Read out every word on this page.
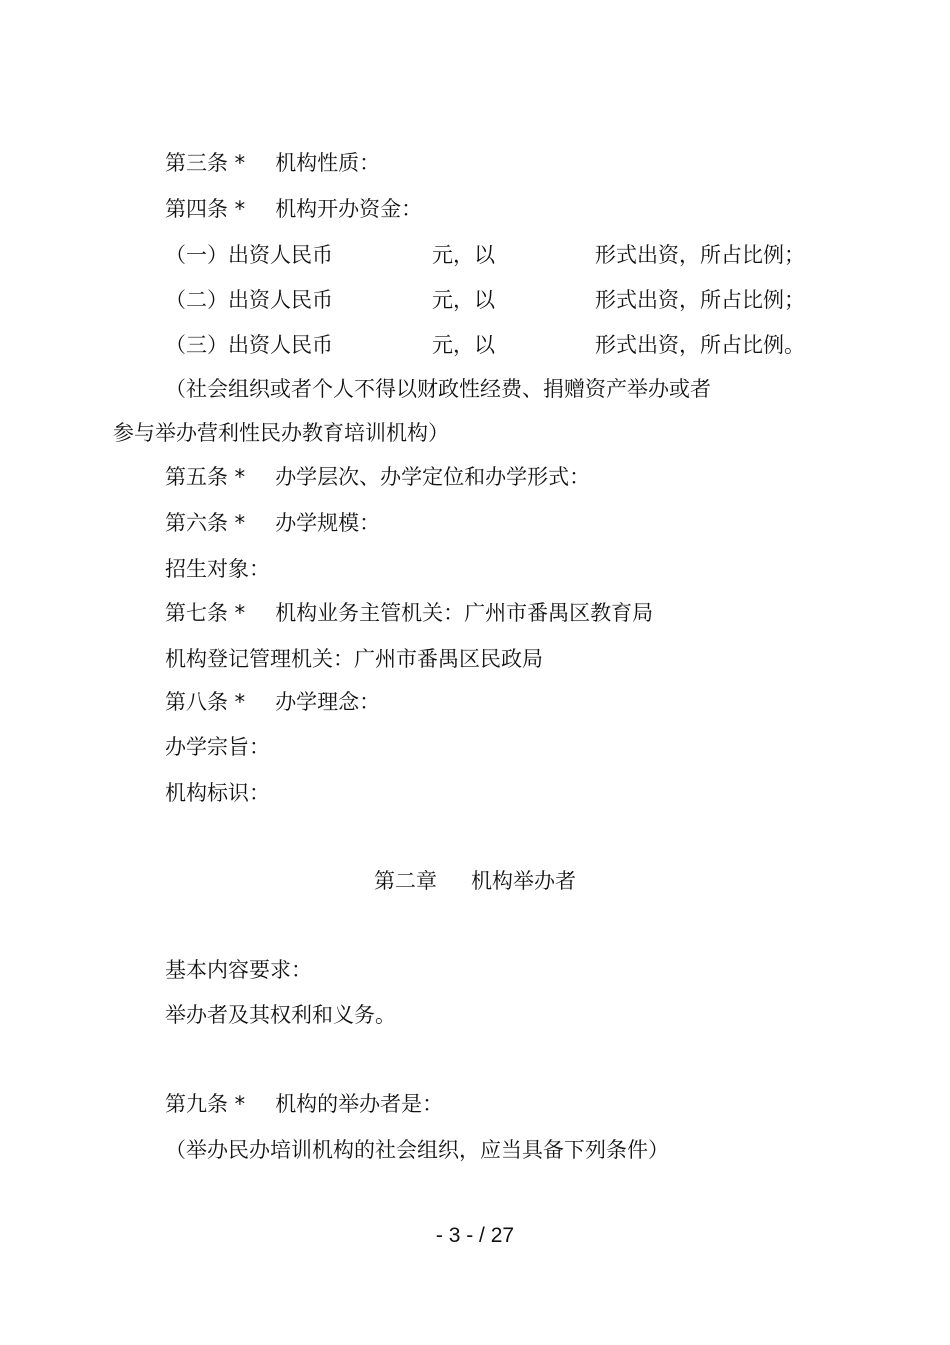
第三条 * 机构性质：
第四条 * 机构开办资金：
（一）出资人民币	元，以	形式出资，所占比例；
（二）出资人民币	元，以	形式出资，所占比例；
（三）出资人民币	元，以	形式出资，所占比例。
（社会组织或者个人不得以财政性经费、捐赠资产举办或者
参与举办营利性民办教育培训机构）
第五条 * 办学层次、办学定位和办学形式：
第六条 * 办学规模：
招生对象：
第七条 * 机构业务主管机关：广州市番禺区教育局
机构登记管理机关：广州市番禺区民政局
第八条 * 办学理念：
办学宗旨：
机构标识：
第二章 机构举办者
基本内容要求：
举办者及其权利和义务。
第九条 * 机构的举办者是：
（举办民办培训机构的社会组织，应当具备下列条件）
- 3 - / 27
